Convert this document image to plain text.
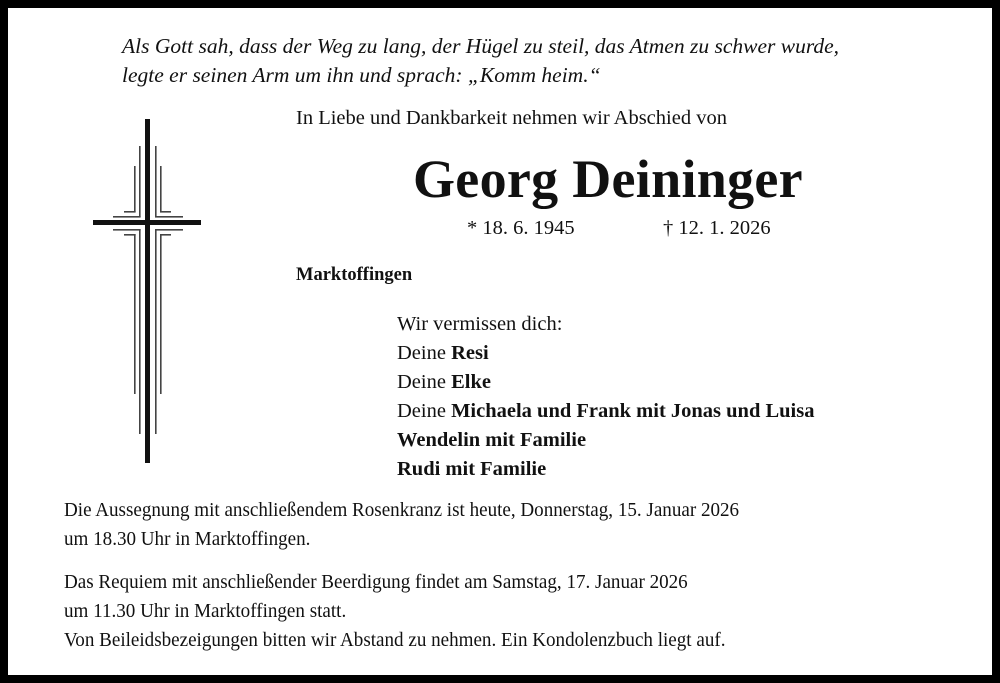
Als Gott sah, dass der Weg zu lang, der Hügel zu steil, das Atmen zu schwer wurde,
legte er seinen Arm um ihn und sprach: „Komm heim.“
In Liebe und Dankbarkeit nehmen wir Abschied von
Georg Deininger
* 18. 6. 1945	† 12. 1. 2026
Marktoffingen
Wir vermissen dich:
Deine Resi
Deine Elke
Deine Michaela und Frank mit Jonas und Luisa
Wendelin mit Familie
Rudi mit Familie
Die Aussegnung mit anschließendem Rosenkranz ist heute, Donnerstag, 15. Januar 2026
um 18.30 Uhr in Marktoffingen.
Das Requiem mit anschließender Beerdigung findet am Samstag, 17. Januar 2026
um 11.30 Uhr in Marktoffingen statt.
Von Beileidsbezeigungen bitten wir Abstand zu nehmen. Ein Kondolenzbuch liegt auf.
